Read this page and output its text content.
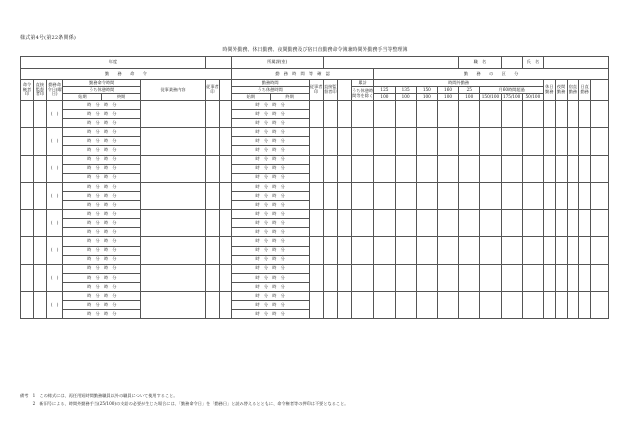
様式第4号(第22条関係)
時間外勤務、休日勤務、夜間勤務及び宿日直勤務命令簿兼時間外勤務手当等整理簿
年度								所属課(室)										職　名			氏　名					
勤　　務　　命　　令								勤　務　時　間　等　確　認						勤　　務　　の　　区　　分												
命令権者印	直接監督者印	勤務命令日(曜日)	勤務命令時間		従事業務内容	従事者印		勤務時間		従事者印	直接監督者印		累計	時間外勤務								休日勤務	夜間勤務	宿直勤務	日直勤務	
			うち休憩時間					うち休憩時間					うち休憩時間等を除く	125	135	150	160	25	月60時間超過							
			始期	終期				始期	終期					100	100	100	100	100	150/100	175/100	50/100					
		(　)	時　分　時　分					時　分　時　分																		
			時　分　時　分					時　分　時　分																		
			時　分　時　分					時　分　時　分																		
		(　)	時　分　時　分					時　分　時　分																		
			時　分　時　分					時　分　時　分																		
			時　分　時　分					時　分　時　分																		
		(　)	時　分　時　分					時　分　時　分																		
			時　分　時　分					時　分　時　分																		
			時　分　時　分					時　分　時　分																		
		(　)	時　分　時　分					時　分　時　分																		
			時　分　時　分					時　分　時　分																		
			時　分　時　分					時　分　時　分																		
		(　)	時　分　時　分					時　分　時　分																		
			時　分　時　分					時　分　時　分																		
			時　分　時　分					時　分　時　分																		
		(　)	時　分　時　分					時　分　時　分																		
			時　分　時　分					時　分　時　分																		
			時　分　時　分					時　分　時　分																		
		(　)	時　分　時　分					時　分　時　分																		
			時　分　時　分					時　分　時　分																		
			時　分　時　分					時　分　時　分																		
		(　)	時　分　時　分					時　分　時　分																		
			時　分　時　分					時　分　時　分																		
			時　分　時　分					時　分　時　分																		
備考　1　この様式には、再任用短時間勤務職員以外の職員について使用すること。
　　　2　新旧号による、時間外勤務手当(25/100)の支給の必要が生じた場合には、「勤務命令日」を「勤務日」と読み替えるとともに、命令権者等の押印は不要となること。
